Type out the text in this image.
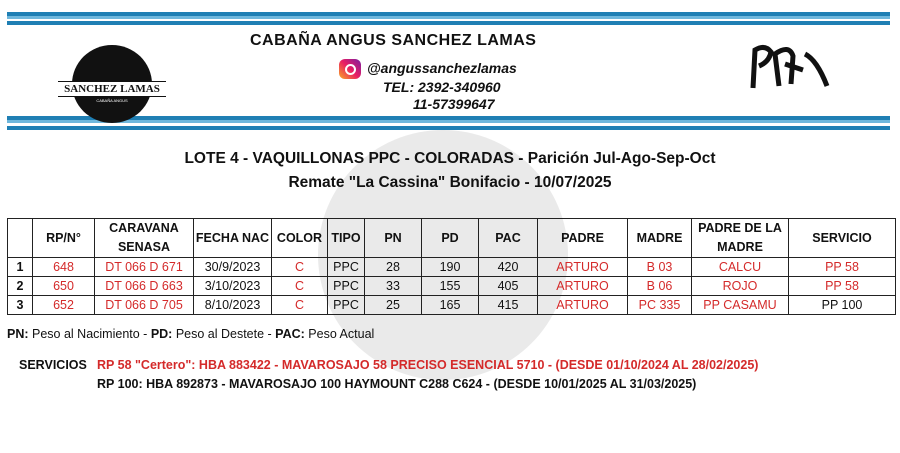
SANCHEZ LAMAS
CABAÑA ANGUS
CABAÑA ANGUS SANCHEZ LAMAS
@angussanchezlamas
TEL: 2392-340960
11-57399647
LOTE 4 - VAQUILLONAS PPC - COLORADAS - Parición Jul-Ago-Sep-Oct
Remate "La Cassina" Bonifacio - 10/07/2025
	RP/N°	CARAVANA SENASA	FECHA NAC	COLOR	TIPO	PN	PD	PAC	PADRE	MADRE	PADRE DE LA MADRE	SERVICIO
1	648	DT 066 D 671	30/9/2023	C	PPC	28	190	420	ARTURO	B 03	CALCU	PP 58
2	650	DT 066 D 663	3/10/2023	C	PPC	33	155	405	ARTURO	B 06	ROJO	PP 58
3	652	DT 066 D 705	8/10/2023	C	PPC	25	165	415	ARTURO	PC 335	PP CASAMU	PP 100
PN: Peso al Nacimiento - PD: Peso al Destete - PAC: Peso Actual
SERVICIOS RP 58 "Certero": HBA 883422 - MAVAROSAJO 58 PRECISO ESENCIAL 5710 - (DESDE 01/10/2024 AL 28/02/2025)
RP 100: HBA 892873 - MAVAROSAJO 100 HAYMOUNT C288 C624 - (DESDE 10/01/2025 AL 31/03/2025)
